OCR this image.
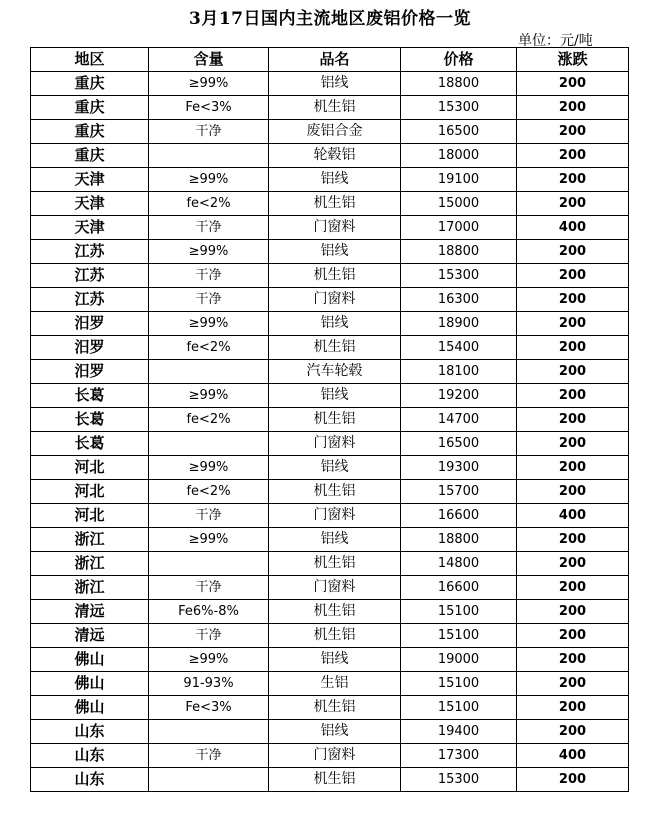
3月17日国内主流地区废铝价格一览
单位：元/吨
地区	含量	品名	价格	涨跌
重庆	≥99%	铝线	18800	200
重庆	Fe<3%	机生铝	15300	200
重庆	干净	废铝合金	16500	200
重庆		轮毂铝	18000	200
天津	≥99%	铝线	19100	200
天津	fe<2%	机生铝	15000	200
天津	干净	门窗料	17000	400
江苏	≥99%	铝线	18800	200
江苏	干净	机生铝	15300	200
江苏	干净	门窗料	16300	200
汨罗	≥99%	铝线	18900	200
汨罗	fe<2%	机生铝	15400	200
汨罗		汽车轮毂	18100	200
长葛	≥99%	铝线	19200	200
长葛	fe<2%	机生铝	14700	200
长葛		门窗料	16500	200
河北	≥99%	铝线	19300	200
河北	fe<2%	机生铝	15700	200
河北	干净	门窗料	16600	400
浙江	≥99%	铝线	18800	200
浙江		机生铝	14800	200
浙江	干净	门窗料	16600	200
清远	Fe6%-8%	机生铝	15100	200
清远	干净	机生铝	15100	200
佛山	≥99%	铝线	19000	200
佛山	91-93%	生铝	15100	200
佛山	Fe<3%	机生铝	15100	200
山东		铝线	19400	200
山东	干净	门窗料	17300	400
山东		机生铝	15300	200
